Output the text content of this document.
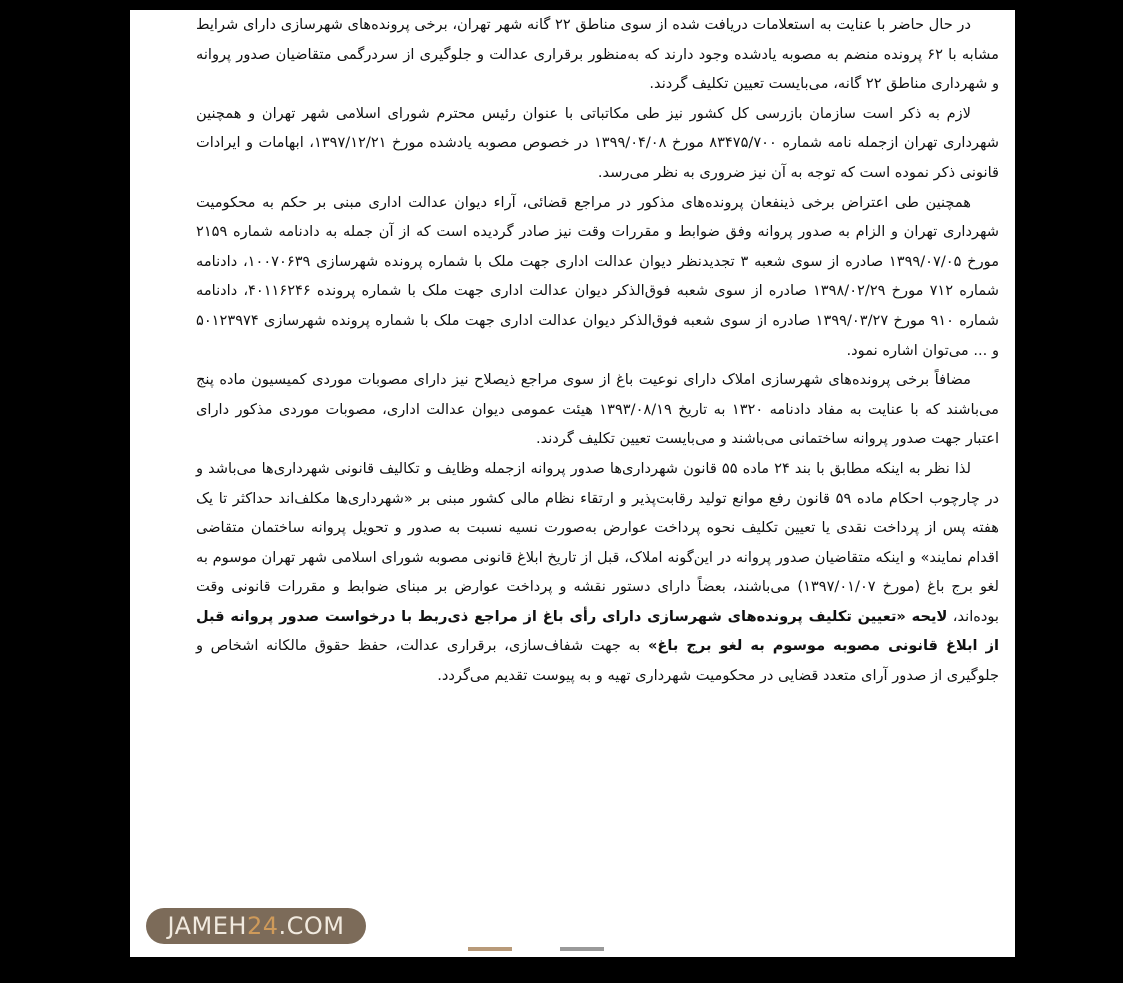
در حال حاضر با عنایت به استعلامات دریافت شده از سوی مناطق ۲۲ گانه شهر تهران، برخی پرونده‌های شهرسازی دارای شرایط مشابه با ۶۲ پرونده منضم به مصوبه یادشده وجود دارند که به‌منظور برقراری عدالت و جلوگیری از سردرگمی متقاضیان صدور پروانه و شهرداری مناطق ۲۲ گانه، می‌بایست تعیین تکلیف گردند.

لازم به ذکر است سازمان بازرسی کل کشور نیز طی مکاتباتی با عنوان رئیس محترم شورای اسلامی شهر تهران و همچنین شهرداری تهران ازجمله نامه شماره ۸۳۴۷۵/۷۰۰ مورخ ۱۳۹۹/۰۴/۰۸ در خصوص مصوبه یادشده مورخ ۱۳۹۷/۱۲/۲۱، ابهامات و ایرادات قانونی ذکر نموده است که توجه به آن نیز ضروری به نظر می‌رسد.

همچنین طی اعتراض برخی ذینفعان پرونده‌های مذکور در مراجع قضائی، آراء دیوان عدالت اداری مبنی بر حکم به محکومیت شهرداری تهران و الزام به صدور پروانه وفق ضوابط و مقررات وقت نیز صادر گردیده است که از آن جمله به دادنامه شماره ۲۱۵۹ مورخ ۱۳۹۹/۰۷/۰۵ صادره از سوی شعبه ۳ تجدیدنظر دیوان عدالت اداری جهت ملک با شماره پرونده شهرسازی ۱۰۰۷۰۶۳۹، دادنامه شماره ۷۱۲ مورخ ۱۳۹۸/۰۲/۲۹ صادره از سوی شعبه فوق‌الذکر دیوان عدالت اداری جهت ملک با شماره پرونده ۴۰۱۱۶۲۴۶، دادنامه شماره ۹۱۰ مورخ ۱۳۹۹/۰۳/۲۷ صادره از سوی شعبه فوق‌الذکر دیوان عدالت اداری جهت ملک با شماره پرونده شهرسازی ۵۰۱۲۳۹۷۴ و ... می‌توان اشاره نمود.

مضافاً برخی پرونده‌های شهرسازی املاک دارای نوعیت باغ از سوی مراجع ذیصلاح نیز دارای مصوبات موردی کمیسیون ماده پنج می‌باشند که با عنایت به مفاد دادنامه ۱۳۲۰ به تاریخ ۱۳۹۳/۰۸/۱۹ هیئت عمومی دیوان عدالت اداری، مصوبات موردی مذکور دارای اعتبار جهت صدور پروانه ساختمانی می‌باشند و می‌بایست تعیین تکلیف گردند.

لذا نظر به اینکه مطابق با بند ۲۴ ماده ۵۵ قانون شهرداری‌ها صدور پروانه ازجمله وظایف و تکالیف قانونی شهرداری‌ها می‌باشد و در چارچوب احکام ماده ۵۹ قانون رفع موانع تولید رقابت‌پذیر و ارتقاء نظام مالی کشور مبنی بر «شهرداری‌ها مکلف‌اند حداکثر تا یک هفته پس از پرداخت نقدی یا تعیین تکلیف نحوه پرداخت عوارض به‌صورت نسیه نسبت به صدور و تحویل پروانه ساختمان متقاضی اقدام نمایند» و اینکه متقاضیان صدور پروانه در این‌گونه املاک، قبل از تاریخ ابلاغ قانونی مصوبه شورای اسلامی شهر تهران موسوم به لغو برج باغ (مورخ ۱۳۹۷/۰۱/۰۷) می‌باشند، بعضاً دارای دستور نقشه و پرداخت عوارض بر مبنای ضوابط و مقررات قانونی وقت بوده‌اند، لایحه «تعیین تکلیف پرونده‌های شهرسازی دارای رأی باغ از مراجع ذی‌ربط با درخواست صدور پروانه قبل از ابلاغ قانونی مصوبه موسوم به لغو برج باغ» به جهت شفاف‌سازی، برقراری عدالت، حفظ حقوق مالکانه اشخاص و جلوگیری از صدور آرای متعدد قضایی در محکومیت شهرداری تهیه و به پیوست تقدیم می‌گردد.

JAMEH 24 .COM
